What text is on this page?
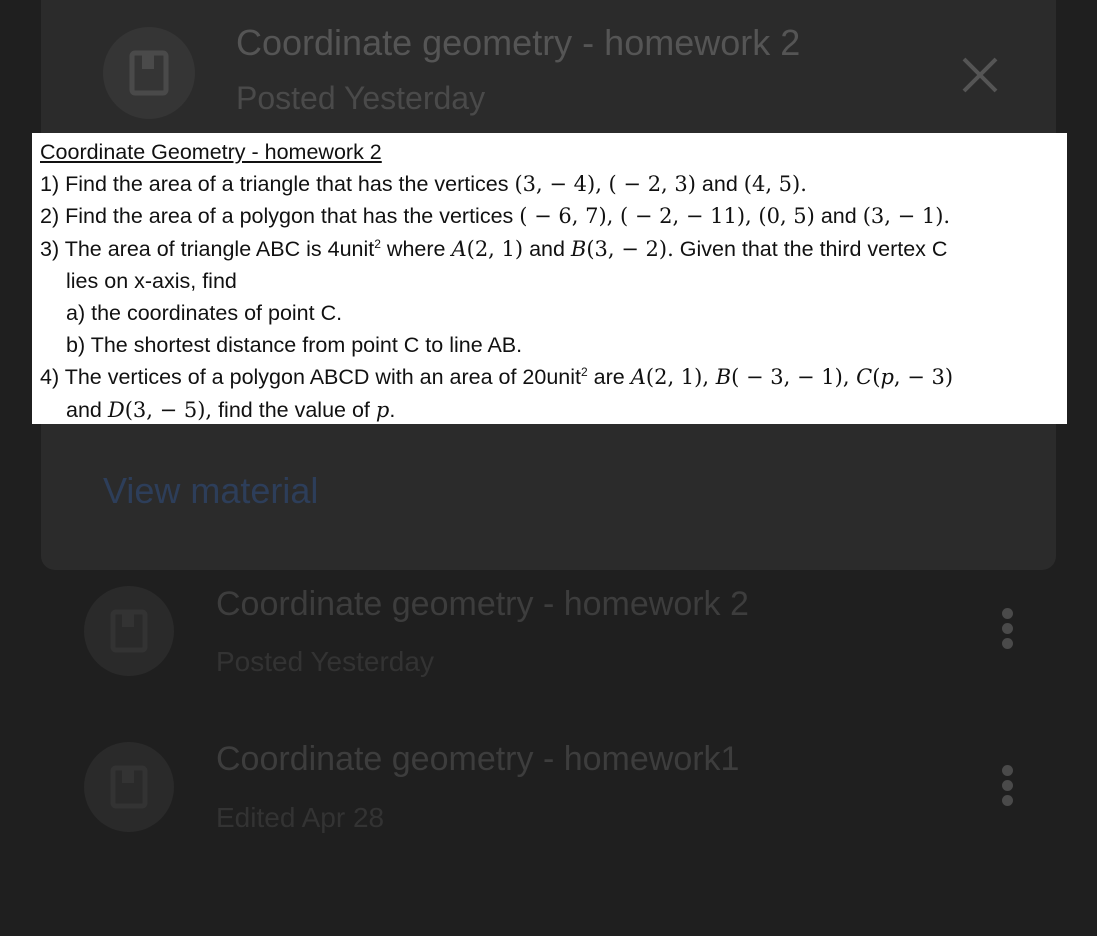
Coordinate geometry - homework 2
Posted Yesterday
View material
Coordinate geometry - homework 2
Posted Yesterday
Coordinate geometry - homework1
Edited Apr 28
Coordinate Geometry - homework 2
1) Find the area of a triangle that has the vertices (3, − 4), ( − 2, 3) and (4, 5).
2) Find the area of a polygon that has the vertices ( − 6, 7), ( − 2, − 11), (0, 5) and (3, − 1).
3) The area of triangle ABC is 4unit$^2$ where A(2, 1) and B(3, − 2). Given that the third vertex C
lies on x-axis, find
a) the coordinates of point C.
b) The shortest distance from point C to line AB.
4) The vertices of a polygon ABCD with an area of 20unit$^2$ are A(2, 1), B( − 3, − 1), C(p, − 3)
and D(3, − 5), find the value of p.
